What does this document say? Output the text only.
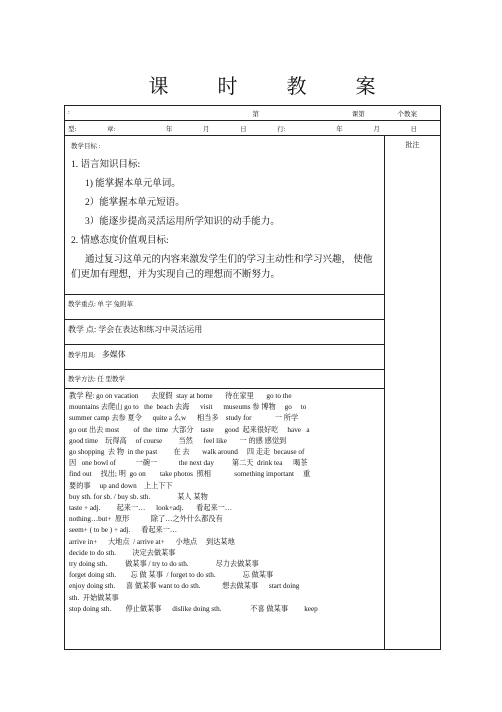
课 时 教 案
:	第	课第	个教案

型:	章:	年	月	日	行:	年	月	日

教学目标 :

1. 语言知识目标:

1) 能掌握本单元单词。

2）能掌握本单元短语。

3）能逐步提高灵活运用所学知识的动手能力。

2. 情感态度价值观目标:

通过复习这单元的内容来激发学生们的学习主动性和学习兴趣， 使他

们更加有理想，并为实现自己的理想而不断努力。

	批注
教学重点: 单 字 兔附革
教学 点: 学会在表达和练习中灵活运用
教学用具: 多媒体
教学方法: 任 型教学

教学 程: go on vacation       去度假  stay at home       待在家里       go to the
mountains 去爬山 go to   the  beach 去海      visit      museums 参 博物     go     to
summer camp 去参 夏令      quite a 么w      相当多    study for             一 所学
go out 出去 most        of  the  time  大部分    taste      good  起来很好吃     have   a
good time    玩得高     of course         当然      feel like       一 的感 感觉到
go shopping  去 物  in the past         在 去       walk around     四 走走  because of
因   one bowl of           一碗一            the next day          第二天  drink tea      喝茶
find out     找出; 明  go on        take photos  照相             something important     重
要的事     up and down    上上下下
buy sth. for sb. / buy sb. sth.               某人 某物
taste + adj.         起来一…      look+adj.       看起来一…
nothing…but+  原形            除了…之外什么都没有
seem+ ( to be ) + adj.      看起来一…
arrive in+      大地点  / arrive at+      小地点     到达某地
decide to do sth.         决定去做某事
try doing sth.          做某事 / try to do sth.               尽力去做某事
forget doing sth.        忘 做 某事  / forget to do sth.               忘 做某事
enjoy doing sth.      喜 做某事 want to do sth.            想去做某事      start doing
sth.  开始做某事
stop doing sth.        停止做某事      dislike doing sth.                不喜 做某事         keep
